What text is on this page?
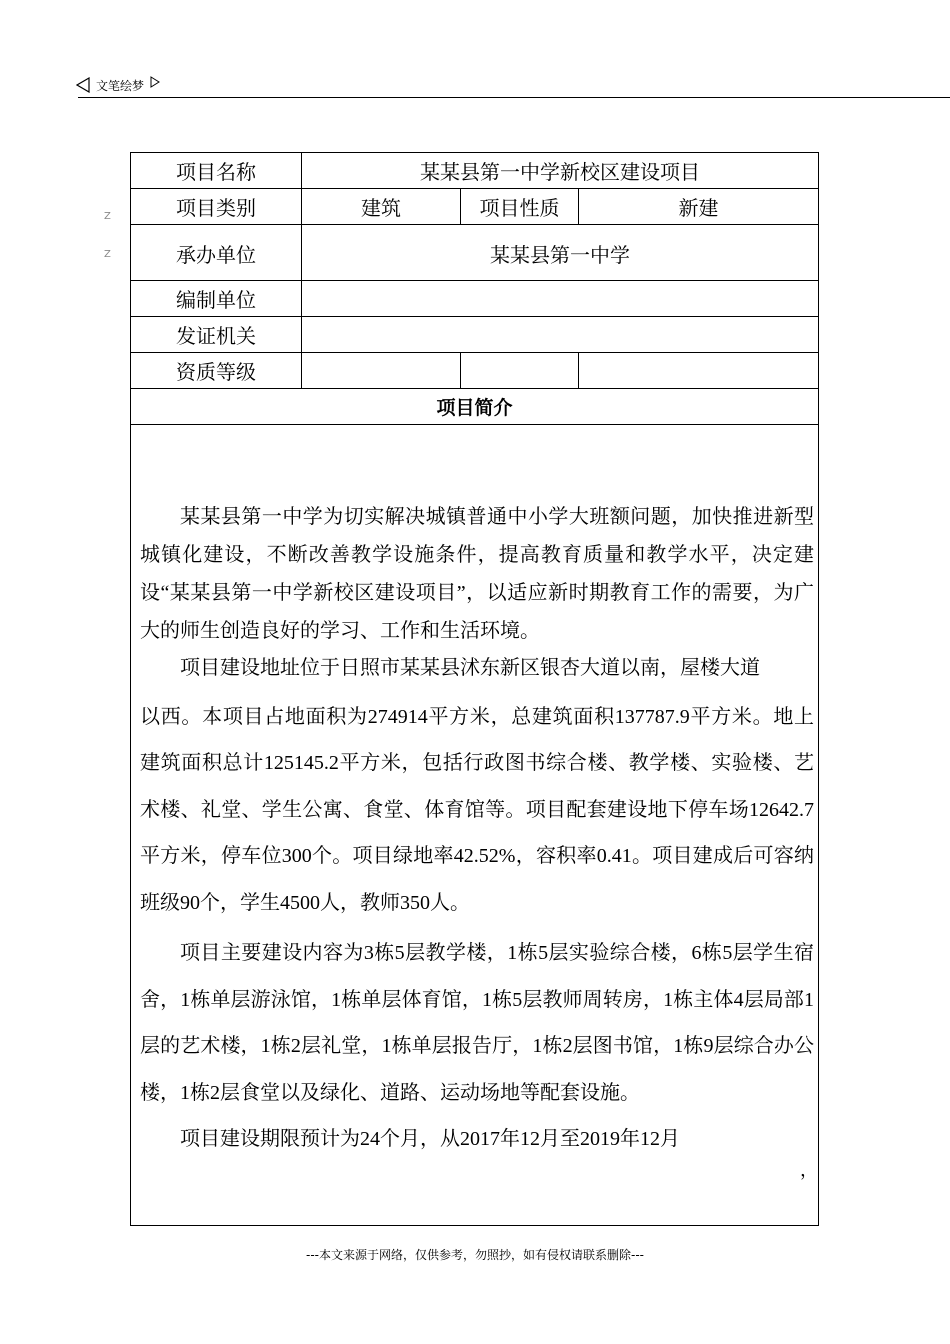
文笔绘梦
Z
Z
项目名称	某某县第一中学新校区建设项目		
项目类别	建筑	项目性质	新建

承办单位	某某县第一中学		

编制单位			
发证机关			
资质等级			
项目简介			

某某县第一中学为切实解决城镇普通中小学大班额问题，加快推进新型城镇化建设，不断改善教学设施条件，提高教育质量和教学水平，决定建设“某某县第一中学新校区建设项目”，以适应新时期教育工作的需要，为广大的师生创造良好的学习、工作和生活环境。

项目建设地址位于日照市某某县沭东新区银杏大道以南，屋楼大道

以西。本项目占地面积为274914平方米，总建筑面积137787.9平方米。地上建筑面积总计125145.2平方米，包括行政图书综合楼、教学楼、实验楼、艺术楼、礼堂、学生公寓、食堂、体育馆等。项目配套建设地下停车场12642.7平方米，停车位300个。项目绿地率42.52%，容积率0.41。项目建成后可容纳班级90个，学生4500人，教师350人。

项目主要建设内容为3栋5层教学楼，1栋5层实验综合楼，6栋5层学生宿舍，1栋单层游泳馆，1栋单层体育馆，1栋5层教师周转房，1栋主体4层局部1层的艺术楼，1栋2层礼堂，1栋单层报告厅，1栋2层图书馆，1栋9层综合办公楼，1栋2层食堂以及绿化、道路、运动场地等配套设施。

项目建设期限预计为24个月，从2017年12月至2019年12月			

，
---本文来源于网络，仅供参考，勿照抄，如有侵权请联系删除---
